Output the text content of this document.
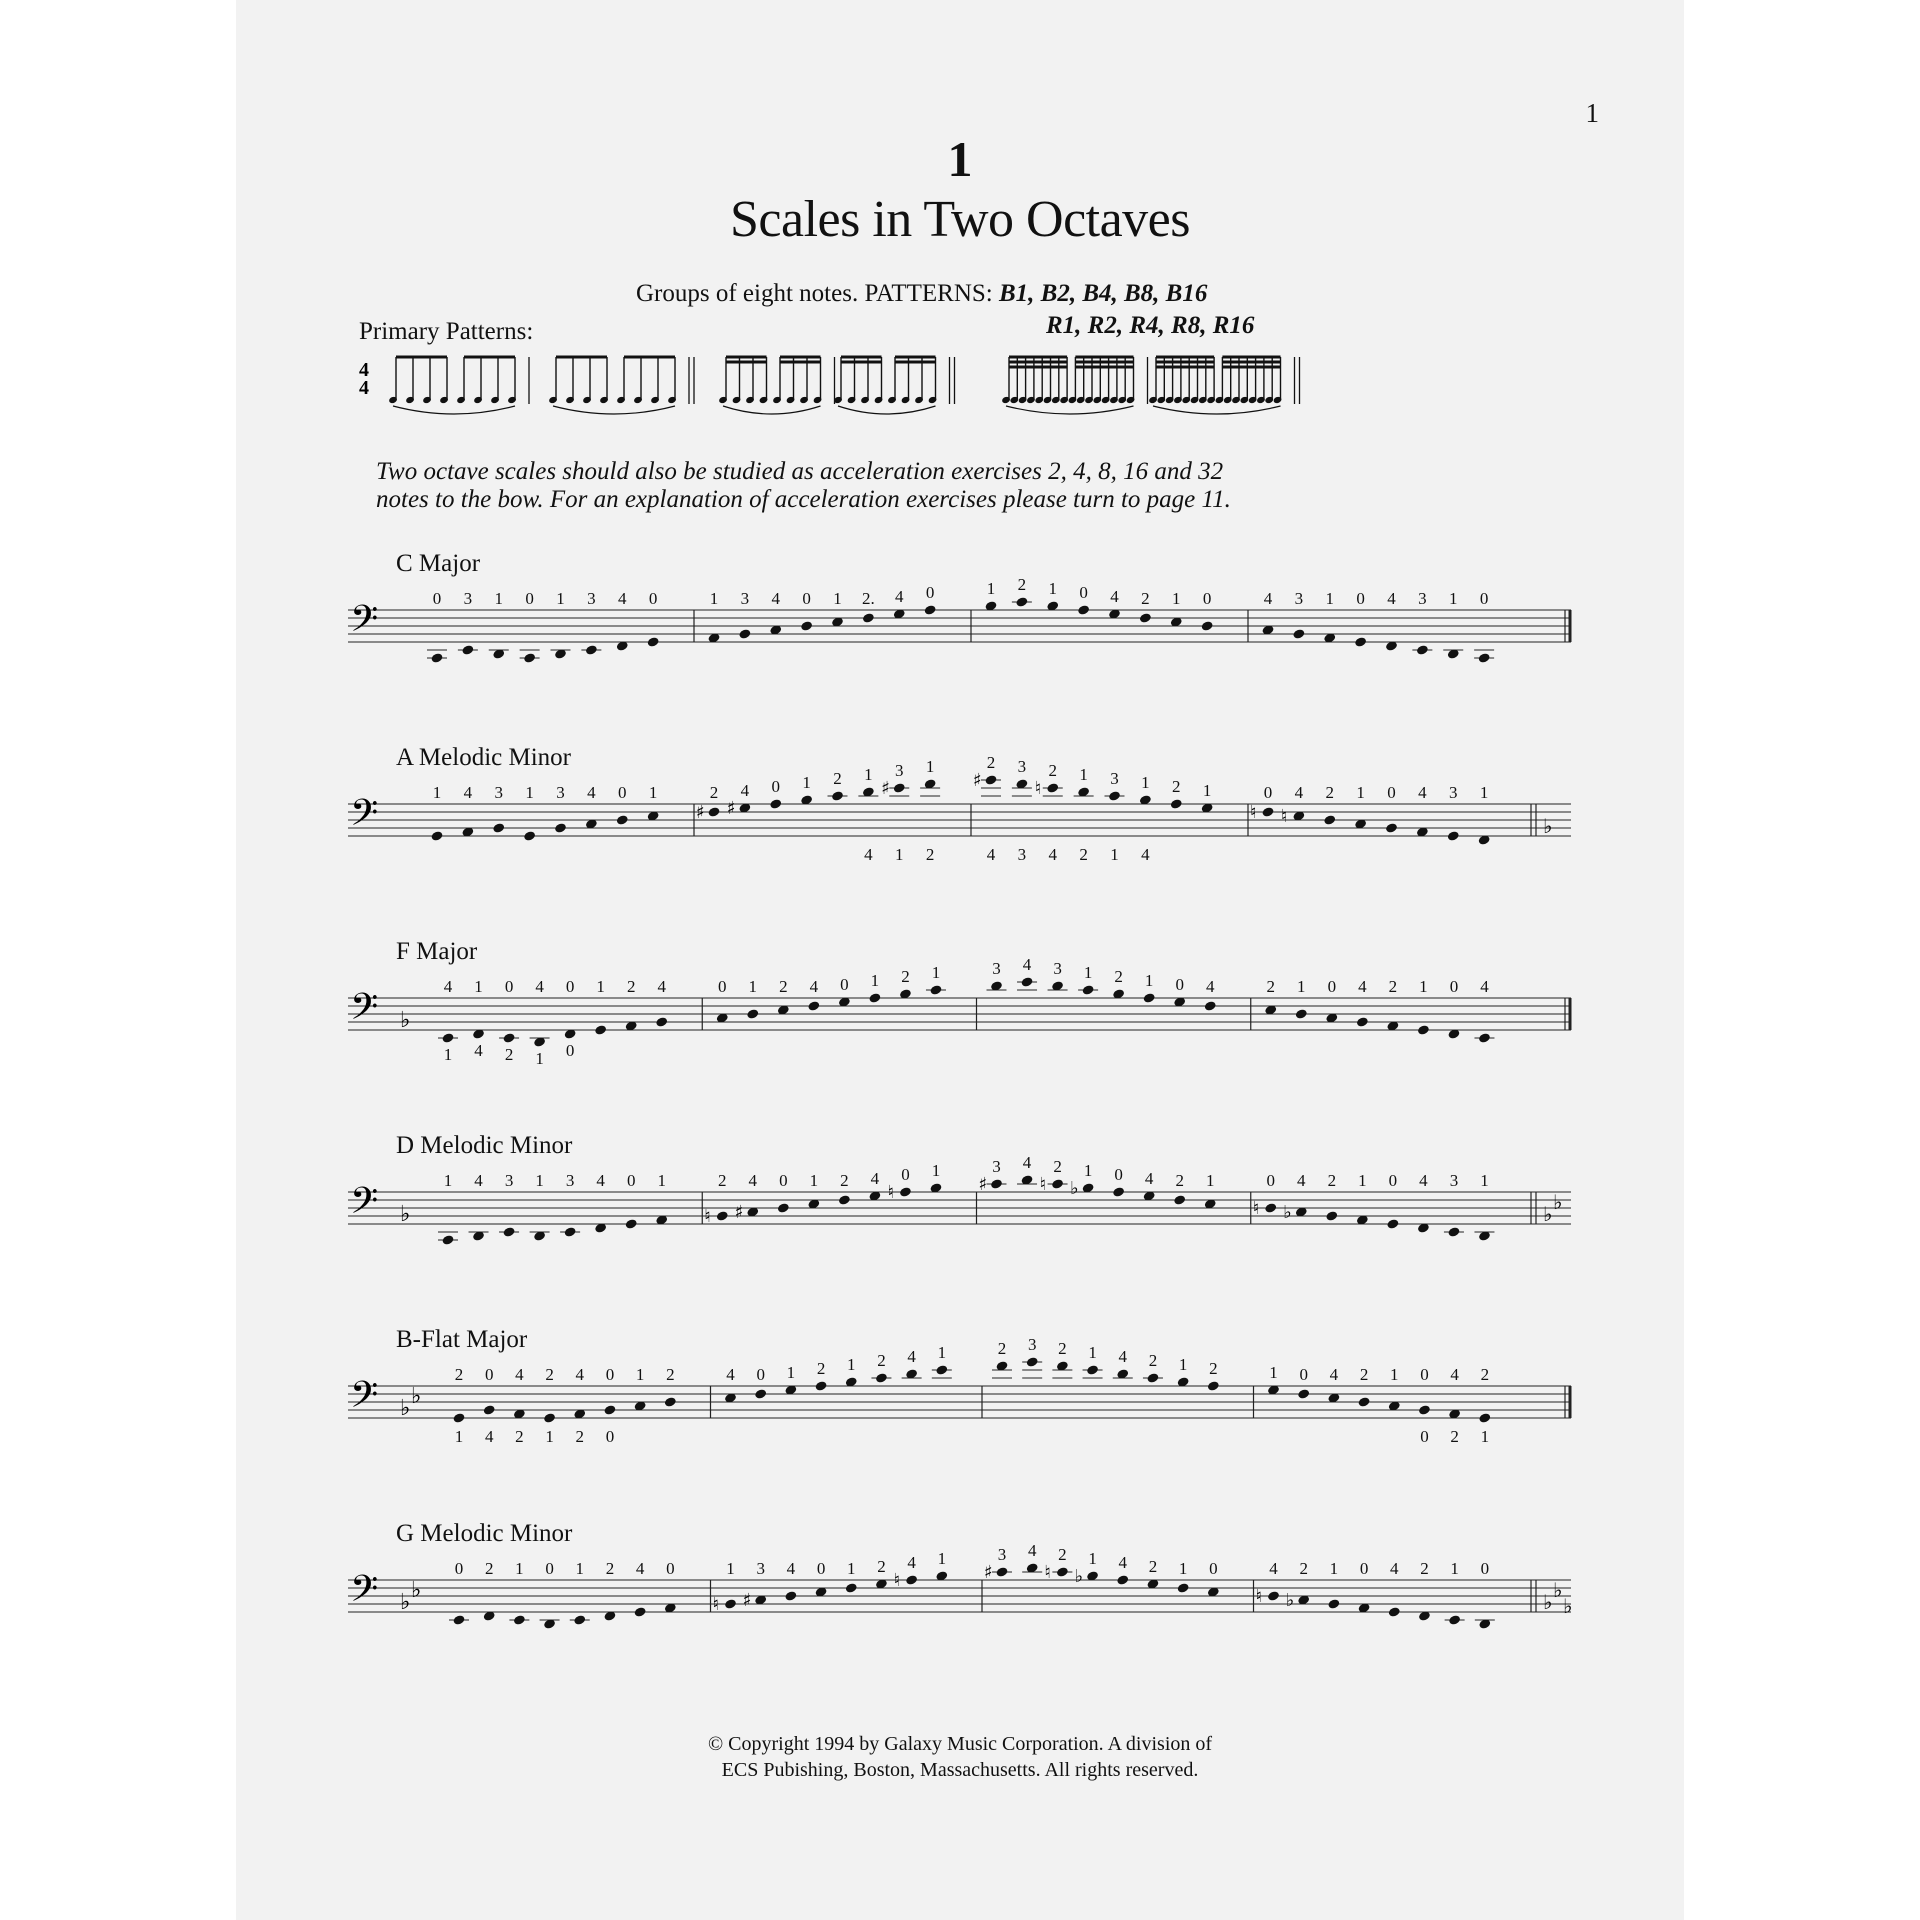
1
1
Scales in Two Octaves
Groups of eight notes. PATTERNS: B1, B2, B4, B8, B16
R1, R2, R4, R8, R16
Primary Patterns:
4
4
Two octave scales should also be studied as acceleration exercises 2, 4, 8, 16 and 32
notes to the bow. For an explanation of acceleration exercises please turn to page 11.
C Major
𝄢	0 3 1 0 1 3 4 0	1 3 4 0 1 2. 4 0	1 2 1 0 4 2 1 0	4 3 1 0 4 3 1 0
A Melodic Minor
𝄢	♭
1 4 3 1 3 4 0 1
♯
2
♯
4 0 1 2 1
4
♯
3
1
1
2
♯
2
4
3
3
♮
2
4
1
2
3
1
1
4
2 1
♮
0
♮
4 2 1 0 4 3 1
F Major
𝄢 ♭
4
1
1
4
0
2
4
1
0
0
1 2 4	0 1 2 4 0 1 2 1	3 4 3 1 2 1 0 4	2 1 0 4 2 1 0 4
D Melodic Minor
𝄢 ♭	♭
♭
1 4 3 1 3 4 0 1
♮
2
♯
4 0 1 2 4
♮
0 1
♯
3 4
♮
2
♭
1 0 4 2 1
♮
0
♭
4 2 1 0 4 3 1
B-Flat Major
𝄢 ♭ ♭
2
1
0
4
4
2
2
1
4
2
0
0
1 2	4 0 1 2 1 2 4 1	2 3 2 1 4 2 1 2	1 0 4 2 1 0
0
4
2
2
1
G Melodic Minor
𝄢 ♭ ♭
♭
♭
♭
0 2 1 0 1 2 4 0
♮
1
♯
3 4 0 1 2
♮
4 1
♯
3 4
♮
2
♭
1 4 2 1 0
♮
4
♭
2 1 0 4 2 1 0
© Copyright 1994 by Galaxy Music Corporation. A division of
ECS Pubishing, Boston, Massachusetts. All rights reserved.
